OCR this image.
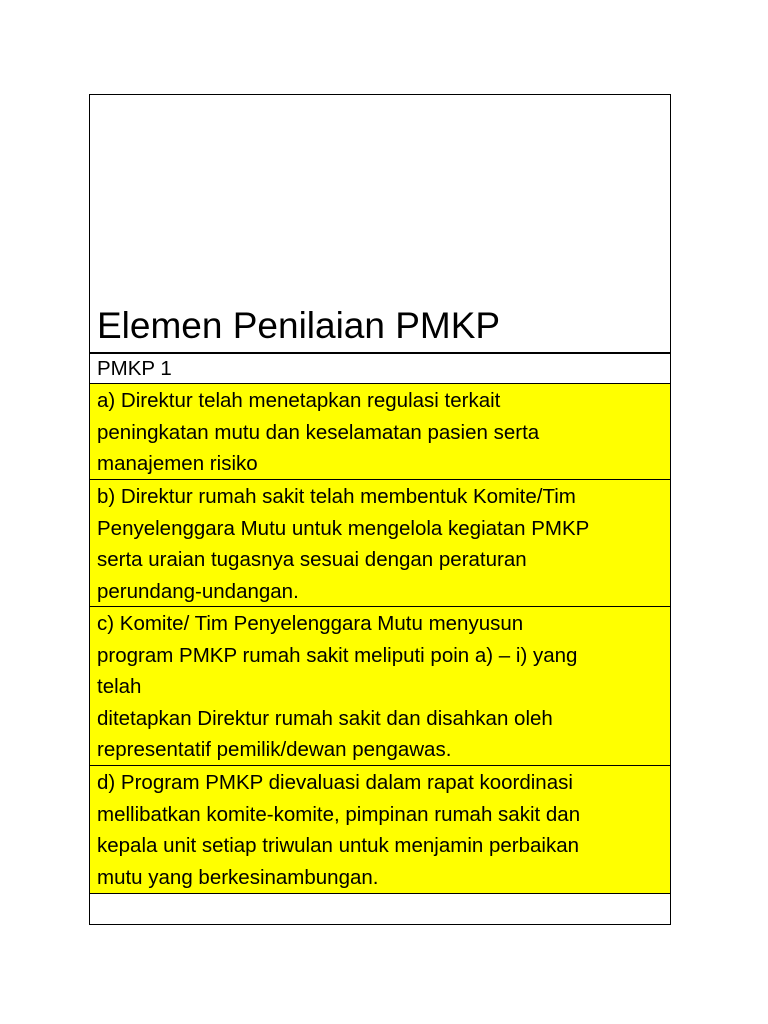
Elemen Penilaian PMKP
PMKP 1
a) Direktur telah menetapkan regulasi terkait
peningkatan mutu dan keselamatan pasien serta
manajemen risiko
b) Direktur rumah sakit telah membentuk Komite/Tim
Penyelenggara Mutu untuk mengelola kegiatan PMKP
serta uraian tugasnya sesuai dengan peraturan
perundang-undangan.
c) Komite/ Tim Penyelenggara Mutu menyusun
program PMKP rumah sakit meliputi poin a) – i) yang
telah
ditetapkan Direktur rumah sakit dan disahkan oleh
representatif pemilik/dewan pengawas.
d) Program PMKP dievaluasi dalam rapat koordinasi
mellibatkan komite-komite, pimpinan rumah sakit dan
kepala unit setiap triwulan untuk menjamin perbaikan
mutu yang berkesinambungan.
